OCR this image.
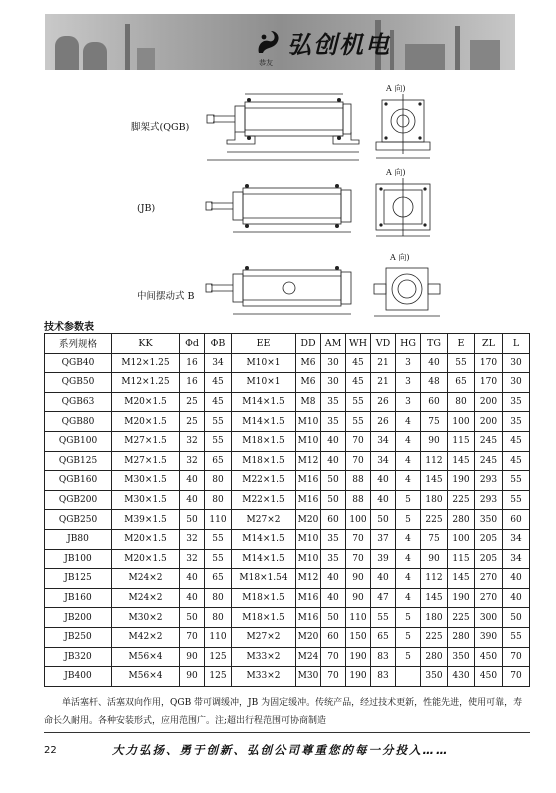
弘创机电
恭友
脚架式(QGB)
A 向)
(JB)
A 向)
中间摆动式 B
A 向)
技术参数表
系列规格	KK	Φd	ΦB	EE	DD	AM	WH	VD	HG	TG	E	ZL	L
QGB40	M12×1.25	16	34	M10×1	M6	30	45	21	3	40	55	170	30
QGB50	M12×1.25	16	45	M10×1	M6	30	45	21	3	48	65	170	30
QGB63	M20×1.5	25	45	M14×1.5	M8	35	55	26	3	60	80	200	35
QGB80	M20×1.5	25	55	M14×1.5	M10	35	55	26	4	75	100	200	35
QGB100	M27×1.5	32	55	M18×1.5	M10	40	70	34	4	90	115	245	45
QGB125	M27×1.5	32	65	M18×1.5	M12	40	70	34	4	112	145	245	45
QGB160	M30×1.5	40	80	M22×1.5	M16	50	88	40	4	145	190	293	55
QGB200	M30×1.5	40	80	M22×1.5	M16	50	88	40	5	180	225	293	55
QGB250	M39×1.5	50	110	M27×2	M20	60	100	50	5	225	280	350	60
JB80	M20×1.5	32	55	M14×1.5	M10	35	70	37	4	75	100	205	34
JB100	M20×1.5	32	55	M14×1.5	M10	35	70	39	4	90	115	205	34
JB125	M24×2	40	65	M18×1.54	M12	40	90	40	4	112	145	270	40
JB160	M24×2	40	80	M18×1.5	M16	40	90	47	4	145	190	270	40
JB200	M30×2	50	80	M18×1.5	M16	50	110	55	5	180	225	300	50
JB250	M42×2	70	110	M27×2	M20	60	150	65	5	225	280	390	55
JB320	M56×4	90	125	M33×2	M24	70	190	83	5	280	350	450	70
JB400	M56×4	90	125	M33×2	M30	70	190	83		350	430	450	70
单活塞杆、活塞双向作用，QGB 带可调缓冲，JB 为固定缓冲。传统产品，经过技术更新，性能先进，使用可靠，寿命长久耐用。各种安装形式，应用范围广。注;超出行程范围可协商制造
22	大力弘扬、勇于创新、弘创公司尊重您的每一分投入……
